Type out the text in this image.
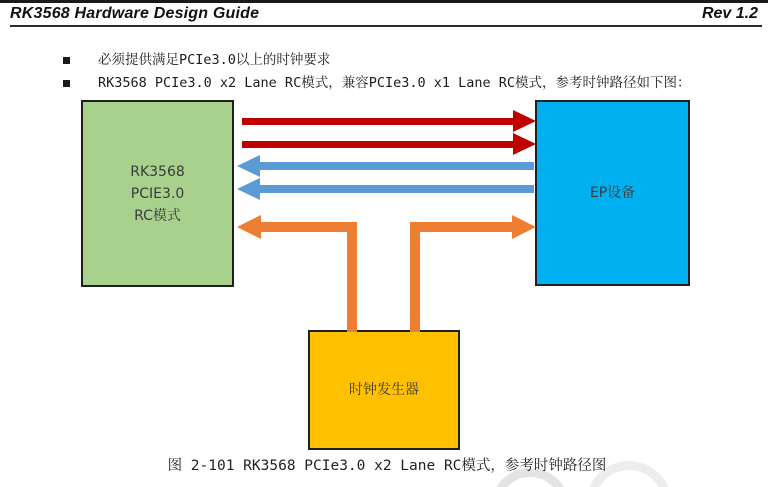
RK3568 Hardware Design Guide	Rev 1.2
必须提供满足PCIe3.0以上的时钟要求
RK3568 PCIe3.0 x2 Lane RC模式，兼容PCIe3.0 x1 Lane RC模式，参考时钟路径如下图：
RK3568
PCIE3.0
RC模式
EP设备
时钟发生器
图 2-101 RK3568 PCIe3.0 x2 Lane RC模式，参考时钟路径图
